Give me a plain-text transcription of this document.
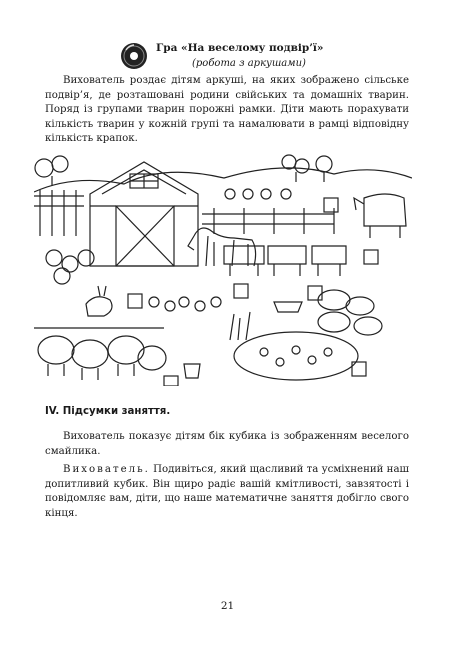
Гра «На веселому подвір’ї»
(робота з аркушами)

Вихователь роздає дітям аркуші, на яких зображено сільське подвір’я, де розташовані родини свійських та домашніх тварин. Поряд із групами тварин порожні рамки. Діти мають порахувати кількість тварин у кожній групі та намалювати в рамці відповідну кількість крапок.

IV. Підсумки заняття.

Вихователь показує дітям бік кубика із зображенням веселого смайлика.

Вихователь. Подивіться, який щасливий та усміхнений наш допитливий кубик. Він щиро радіє вашій кмітливості, завзятості і повідомляє вам, діти, що наше математичне заняття добігло свого кінця.

21
